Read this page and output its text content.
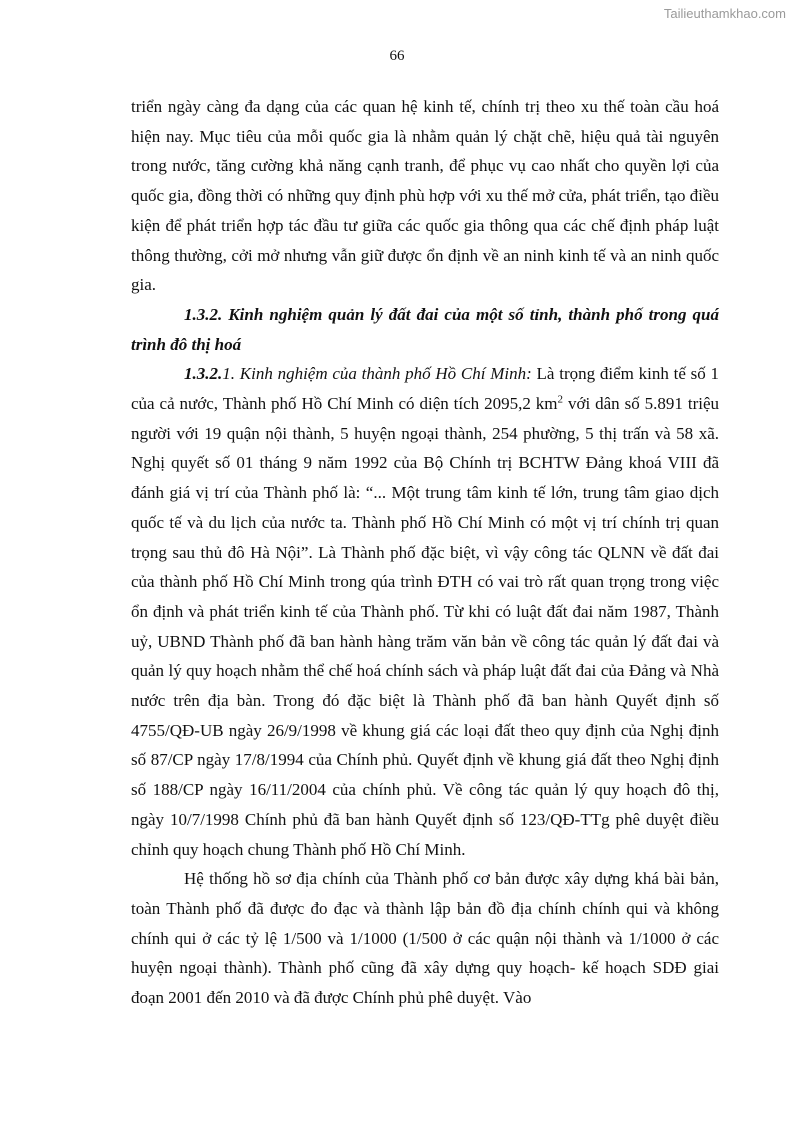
Tailieuthamkhao.com
66

triển ngày càng đa dạng của các quan hệ kinh tế, chính trị theo xu thế toàn cầu hoá hiện nay. Mục tiêu của mỗi quốc gia là nhằm quản lý chặt chẽ, hiệu quả tài nguyên trong nước, tăng cường khả năng cạnh tranh, để phục vụ cao nhất cho quyền lợi của quốc gia, đồng thời có những quy định phù hợp với xu thế mở cửa, phát triển, tạo điều kiện để phát triển hợp tác đầu tư giữa các quốc gia thông qua các chế định pháp luật thông thường, cởi mở nhưng vẫn giữ được ổn định về an ninh kinh tế và an ninh quốc gia.

1.3.2. Kinh nghiệm quản lý đất đai của một số tỉnh, thành phố trong quá trình đô thị hoá

1.3.2.1. Kinh nghiệm của thành phố Hồ Chí Minh: Là trọng điểm kinh tế số 1 của cả nước, Thành phố Hồ Chí Minh có diện tích 2095,2 $km^2$ với dân số 5.891 triệu người với 19 quận nội thành, 5 huyện ngoại thành, 254 phường, 5 thị trấn và 58 xã. Nghị quyết số 01 tháng 9 năm 1992 của Bộ Chính trị BCHTW Đảng khoá VIII đã đánh giá vị trí của Thành phố là: “... Một trung tâm kinh tế lớn, trung tâm giao dịch quốc tế và du lịch của nước ta. Thành phố Hồ Chí Minh có một vị trí chính trị quan trọng sau thủ đô Hà Nội”. Là Thành phố đặc biệt, vì vậy công tác QLNN về đất đai của thành phố Hồ Chí Minh trong qúa trình ĐTH có vai trò rất quan trọng trong việc ổn định và phát triển kinh tế của Thành phố. Từ khi có luật đất đai năm 1987, Thành uỷ, UBND Thành phố đã ban hành hàng trăm văn bản về công tác quản lý đất đai và quản lý quy hoạch nhằm thể chế hoá chính sách và pháp luật đất đai của Đảng và Nhà nước trên địa bàn. Trong đó đặc biệt là Thành phố đã ban hành Quyết định số 4755/QĐ-UB ngày 26/9/1998 về khung giá các loại đất theo quy định của Nghị định số 87/CP ngày 17/8/1994 của Chính phủ. Quyết định về khung giá đất theo Nghị định số 188/CP ngày 16/11/2004 của chính phủ. Về công tác quản lý quy hoạch đô thị, ngày 10/7/1998 Chính phủ đã ban hành Quyết định số 123/QĐ-TTg phê duyệt điều chỉnh quy hoạch chung Thành phố Hồ Chí Minh.

Hệ thống hồ sơ địa chính của Thành phố cơ bản được xây dựng khá bài bản, toàn Thành phố đã được đo đạc và thành lập bản đồ địa chính chính qui và không chính qui ở các tỷ lệ 1/500 và 1/1000 (1/500 ở các quận nội thành và 1/1000 ở các huyện ngoại thành). Thành phố cũng đã xây dựng quy hoạch- kế hoạch SDĐ giai đoạn 2001 đến 2010 và đã được Chính phủ phê duyệt. Vào
